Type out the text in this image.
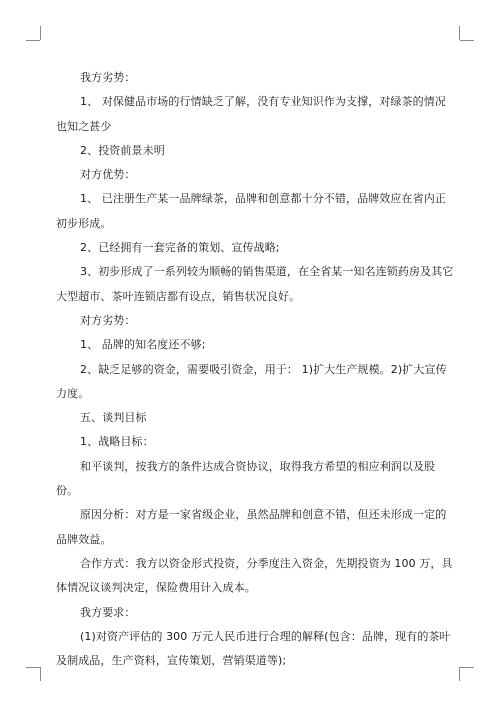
我方劣势：

1、 对保健品市场的行情缺乏了解，没有专业知识作为支撑，对绿茶的情况也知之甚少

2、投资前景未明

对方优势：

1、 已注册生产某一品牌绿茶，品牌和创意都十分不错，品牌效应在省内正初步形成。

2、已经拥有一套完备的策划、宣传战略;

3、初步形成了一系列较为顺畅的销售渠道，在全省某一知名连锁药房及其它大型超市、茶叶连锁店都有设点，销售状况良好。

对方劣势：

1、 品牌的知名度还不够;

2、缺乏足够的资金，需要吸引资金，用于： 1)扩大生产规模。2)扩大宣传力度。

五、谈判目标

1、战略目标：

和平谈判，按我方的条件达成合资协议，取得我方希望的相应利润以及股份。

原因分析：对方是一家省级企业，虽然品牌和创意不错，但还未形成一定的品牌效益。

合作方式：我方以资金形式投资，分季度注入资金，先期投资为 100 万，具体情况议谈判决定，保险费用计入成本。

我方要求：

(1)对资产评估的 300 万元人民币进行合理的解释(包含：品牌，现有的茶叶及制成品，生产资料，宣传策划，营销渠道等);
